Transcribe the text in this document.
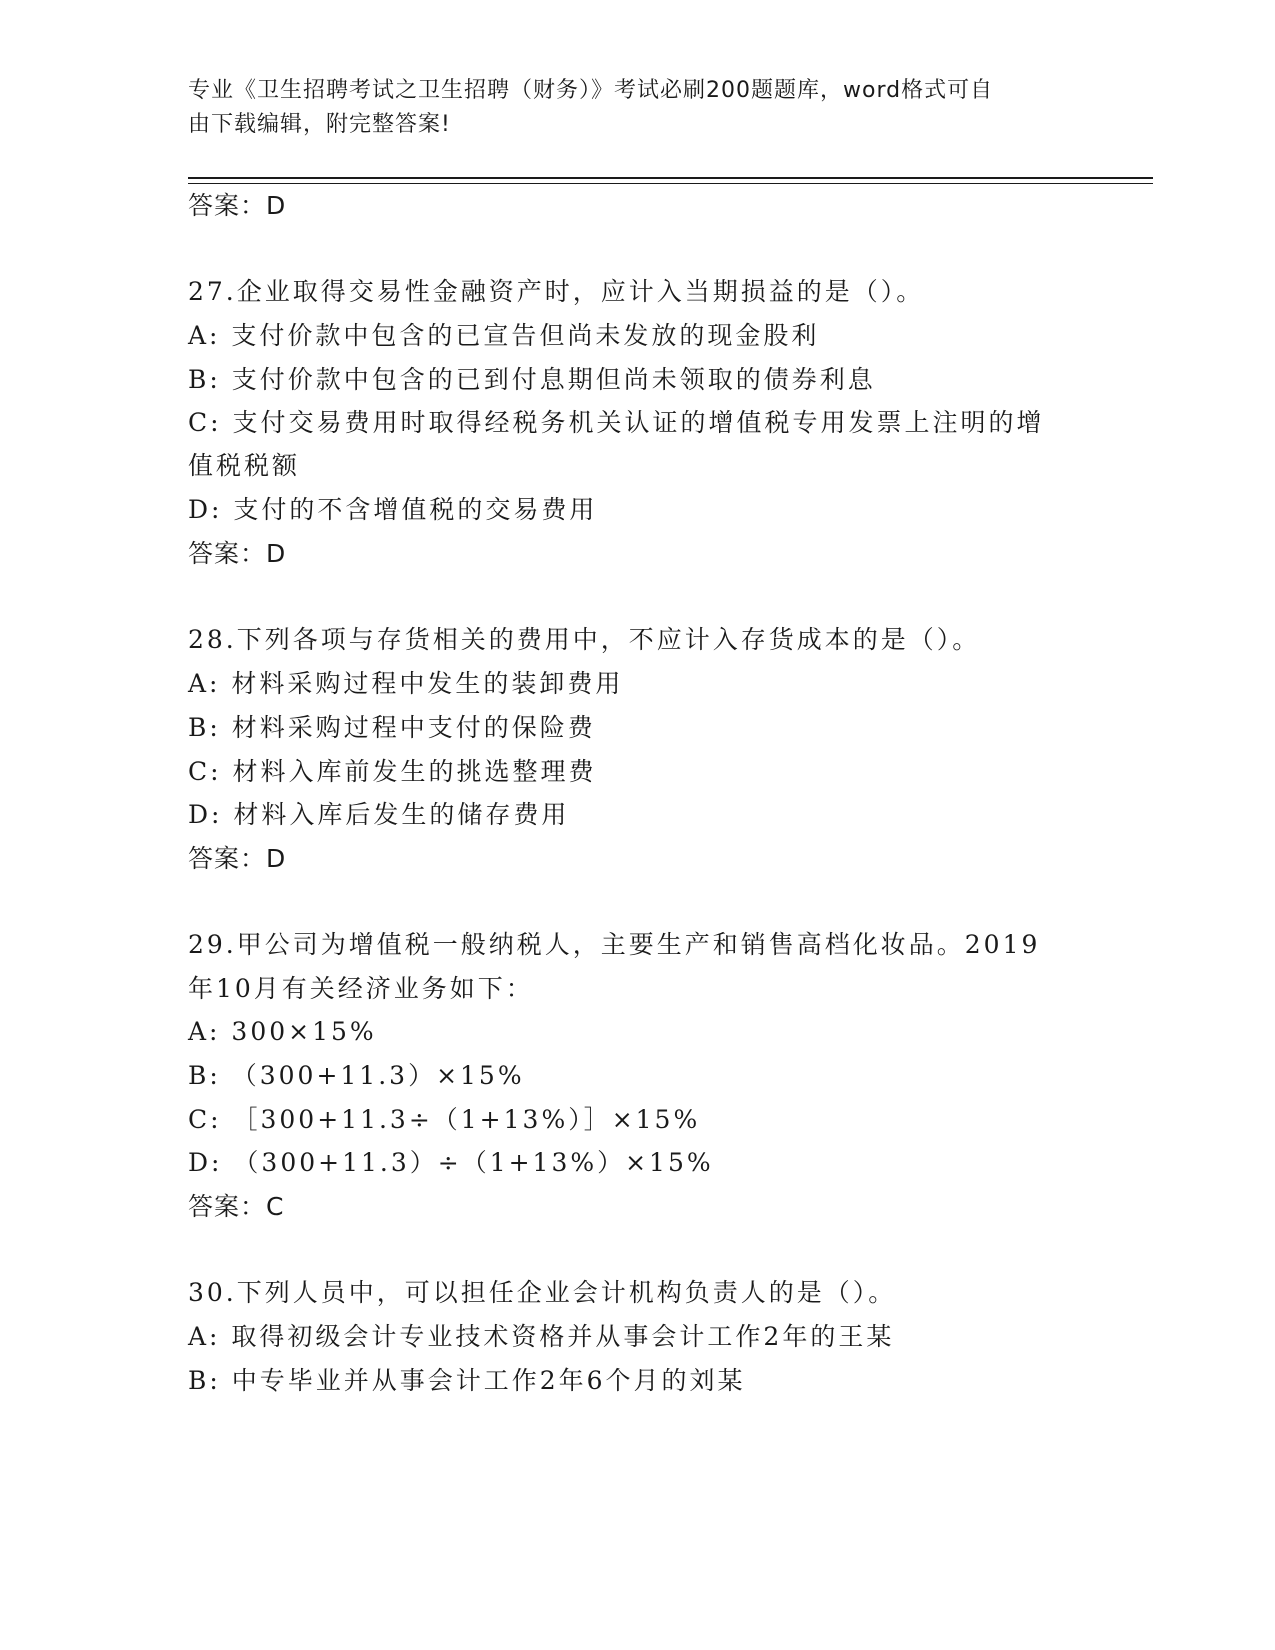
专业《卫生招聘考试之卫生招聘（财务）》考试必刷200题题库，word格式可自
由下载编辑，附完整答案!
答案：D
27.企业取得交易性金融资产时，应计入当期损益的是（）。
A: 支付价款中包含的已宣告但尚未发放的现金股利
B: 支付价款中包含的已到付息期但尚未领取的债券利息
C: 支付交易费用时取得经税务机关认证的增值税专用发票上注明的增
值税税额
D: 支付的不含增值税的交易费用
答案：D
28.下列各项与存货相关的费用中，不应计入存货成本的是（）。
A: 材料采购过程中发生的装卸费用
B: 材料采购过程中支付的保险费
C: 材料入库前发生的挑选整理费
D: 材料入库后发生的储存费用
答案：D
29.甲公司为增值税一般纳税人，主要生产和销售高档化妆品。2019
年10月有关经济业务如下：
A: 300×15%
B: （300+11.3）×15%
C: ［300+11.3÷（1+13%）］×15%
D: （300+11.3）÷（1+13%）×15%
答案：C
30.下列人员中，可以担任企业会计机构负责人的是（）。
A: 取得初级会计专业技术资格并从事会计工作2年的王某
B: 中专毕业并从事会计工作2年6个月的刘某
